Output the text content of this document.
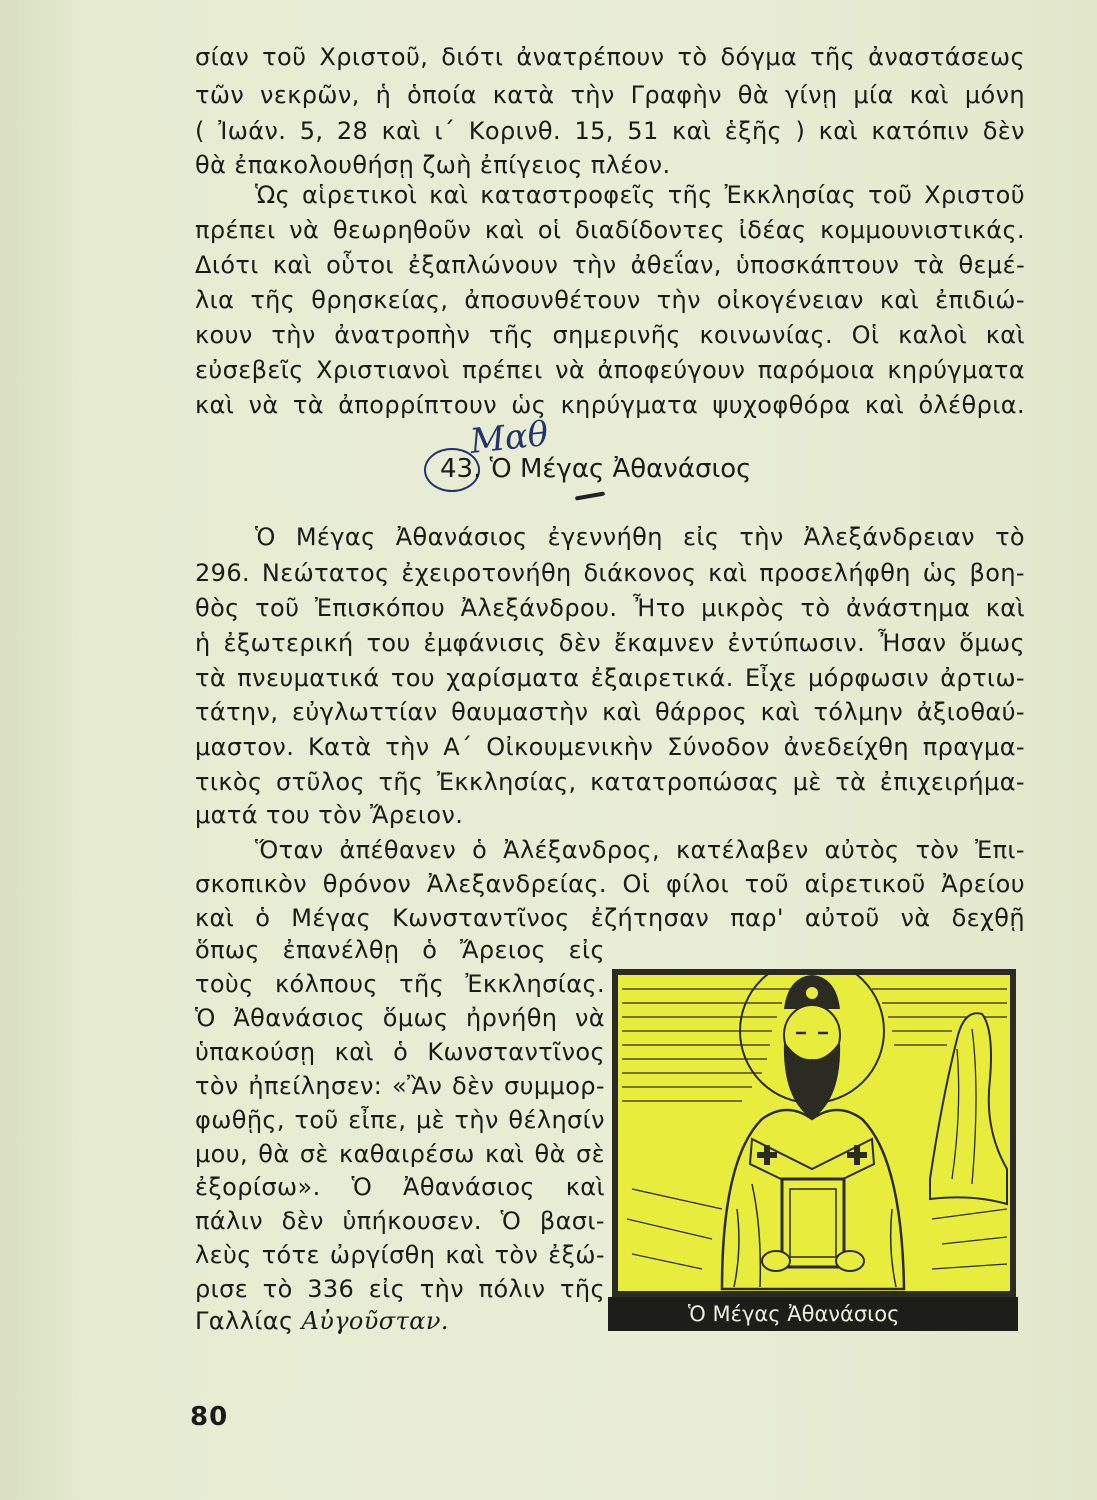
σίαν τοῦ Χριστοῦ, διότι ἀνατρέπουν τὸ δόγμα τῆς ἀναστάσεως
τῶν νεκρῶν, ἡ ὁποία κατὰ τὴν Γραφὴν θὰ γίνῃ μία καὶ μόνη
( Ἰωάν. 5, 28 καὶ ι΄ Κορινθ. 15, 51 καὶ ἑξῆς ) καὶ κατόπιν δὲν
θὰ ἐπακολουθήσῃ ζωὴ ἐπίγειος πλέον.
Ὡς αἱρετικοὶ καὶ καταστροφεῖς τῆς Ἐκκλησίας τοῦ Χριστοῦ
πρέπει νὰ θεωρηθοῦν καὶ οἱ διαδίδοντες ἰδέας κομμουνιστικάς.
Διότι καὶ οὗτοι ἐξαπλώνουν τὴν ἀθεΐαν, ὑποσκάπτουν τὰ θεμέ-
λια τῆς θρησκείας, ἀποσυνθέτουν τὴν οἰκογένειαν καὶ ἐπιδιώ-
κουν τὴν ἀνατροπὴν τῆς σημερινῆς κοινωνίας. Οἱ καλοὶ καὶ
εὐσεβεῖς Χριστιανοὶ πρέπει νὰ ἀποφεύγουν παρόμοια κηρύγματα
καὶ νὰ τὰ ἀπορρίπτουν ὡς κηρύγματα ψυχοφθόρα καὶ ὀλέθρια.
Μαθ
43. Ὁ Μέγας Ἀθανάσιος
Ὁ Μέγας Ἀθανάσιος ἐγεννήθη εἰς τὴν Ἀλεξάνδρειαν τὸ
296. Νεώτατος ἐχειροτονήθη διάκονος καὶ προσελήφθη ὡς βοη-
θὸς τοῦ Ἐπισκόπου Ἀλεξάνδρου. Ἦτο μικρὸς τὸ ἀνάστημα καὶ
ἡ ἐξωτερική του ἐμφάνισις δὲν ἔκαμνεν ἐντύπωσιν. Ἦσαν ὅμως
τὰ πνευματικά του χαρίσματα ἐξαιρετικά. Εἶχε μόρφωσιν ἀρτιω-
τάτην, εὐγλωττίαν θαυμαστὴν καὶ θάρρος καὶ τόλμην ἀξιοθαύ-
μαστον. Κατὰ τὴν Α΄ Οἰκουμενικὴν Σύνοδον ἀνεδείχθη πραγμα-
τικὸς στῦλος τῆς Ἐκκλησίας, κατατροπώσας μὲ τὰ ἐπιχειρήμα-
ματά του τὸν Ἄρειον.
Ὅταν ἀπέθανεν ὁ Ἀλέξανδρος, κατέλαβεν αὐτὸς τὸν Ἐπι-
σκοπικὸν θρόνον Ἀλεξανδρείας. Οἱ φίλοι τοῦ αἱρετικοῦ Ἀρείου
καὶ ὁ Μέγας Κωνσταντῖνος ἐζήτησαν παρ' αὐτοῦ νὰ δεχθῇ
ὅπως ἐπανέλθῃ ὁ Ἄρειος εἰς
τοὺς κόλπους τῆς Ἐκκλησίας.
Ὁ Ἀθανάσιος ὅμως ἠρνήθη νὰ
ὑπακούσῃ καὶ ὁ Κωνσταντῖνος
τὸν ἠπείλησεν: «Ἂν δὲν συμμορ-
φωθῇς, τοῦ εἶπε, μὲ τὴν θέλησίν
μου, θὰ σὲ καθαιρέσω καὶ θὰ σὲ
ἐξορίσω». Ὁ Ἀθανάσιος καὶ
πάλιν δὲν ὑπήκουσεν. Ὁ βασι-
λεὺς τότε ὠργίσθη καὶ τὸν ἐξώ-
ρισε τὸ 336 εἰς τὴν πόλιν τῆς
Γαλλίας Αὐγοῦσταν.	Ὁ Μέγας Ἀθανάσιος
80
